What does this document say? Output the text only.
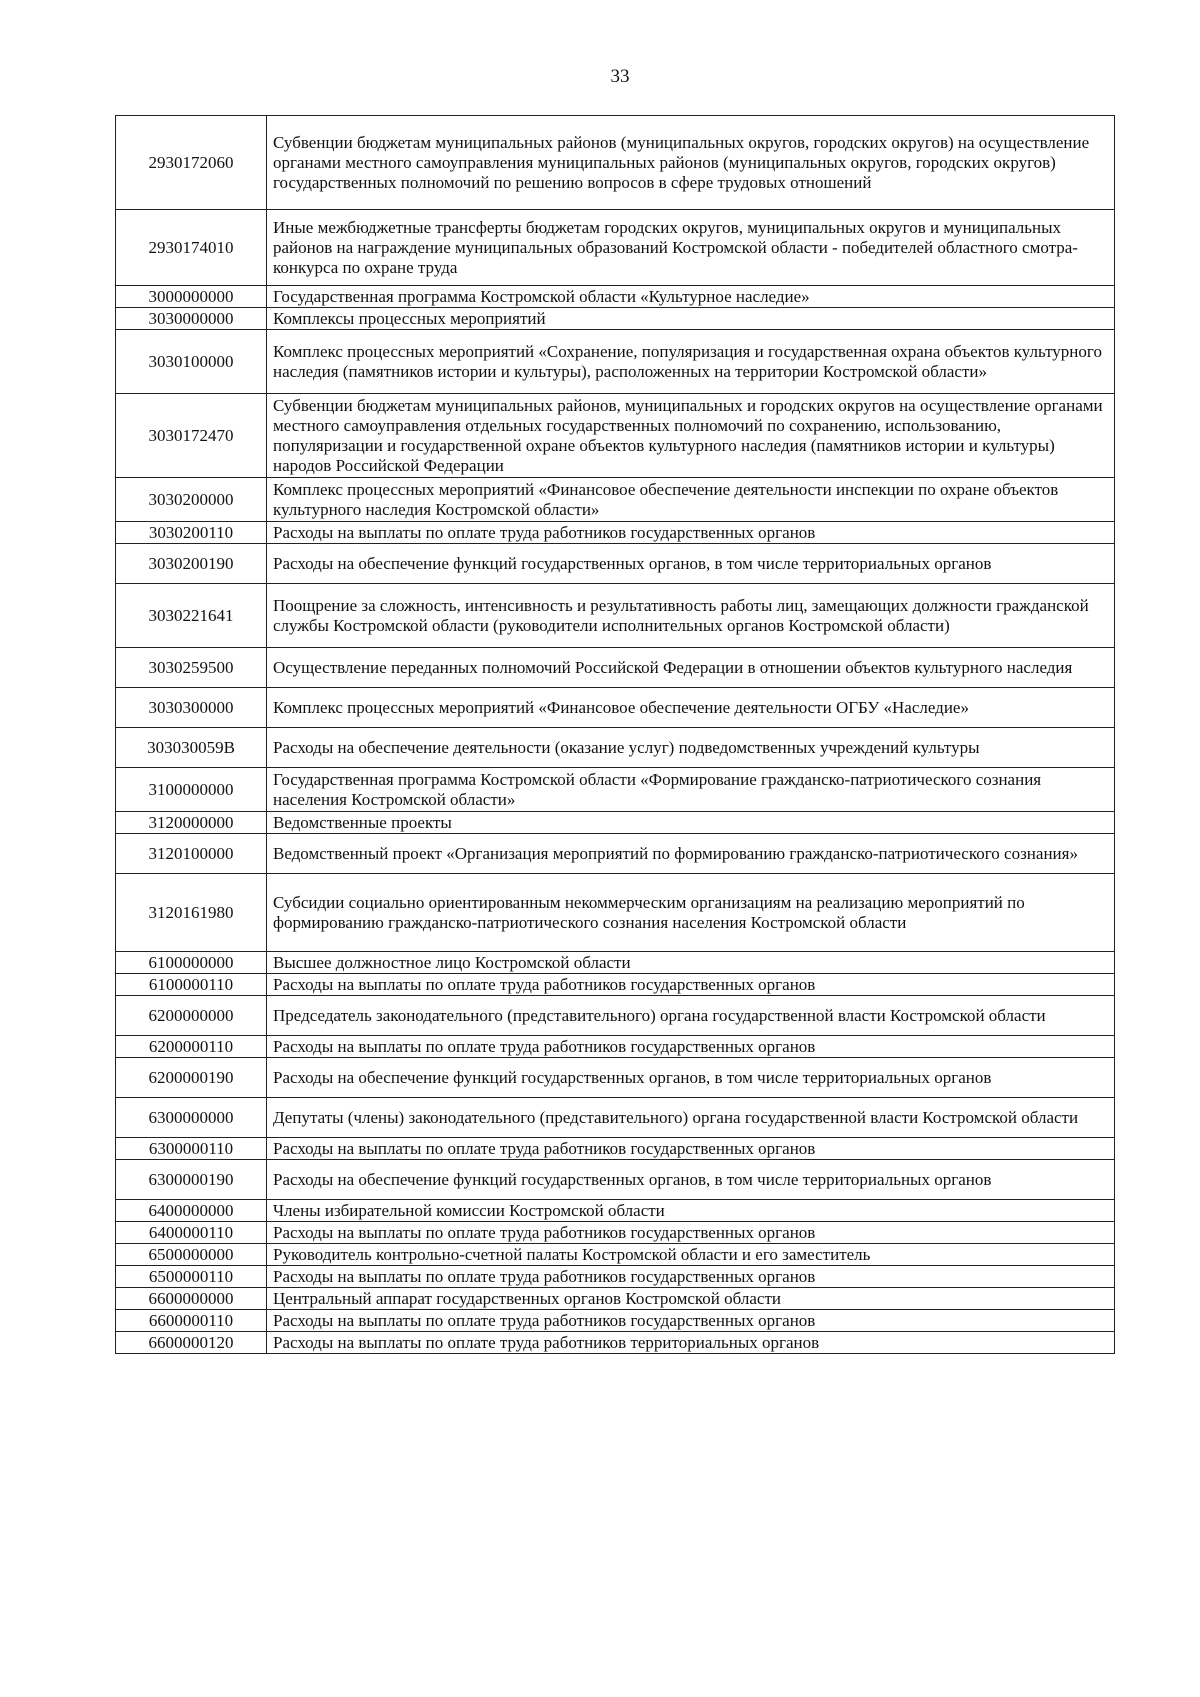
33
2930172060	Субвенции бюджетам муниципальных районов (муниципальных округов, городских округов) на осуществление органами местного самоуправления муниципальных районов (муниципальных округов, городских округов) государственных полномочий по решению вопросов в сфере трудовых отношений
2930174010	Иные межбюджетные трансферты бюджетам городских округов, муниципальных округов и муниципальных районов на награждение муниципальных образований Костромской области - победителей областного смотра-конкурса по охране труда
3000000000	Государственная программа Костромской области «Культурное наследие»
3030000000	Комплексы процессных мероприятий
3030100000	Комплекс процессных мероприятий «Сохранение, популяризация и государственная охрана объектов культурного наследия (памятников истории и культуры), расположенных на территории Костромской области»
3030172470	Субвенции бюджетам муниципальных районов, муниципальных и городских округов на осуществление органами местного самоуправления отдельных государственных полномочий по сохранению, использованию, популяризации и государственной охране объектов культурного наследия (памятников истории и культуры) народов Российской Федерации
3030200000	Комплекс процессных мероприятий «Финансовое обеспечение деятельности инспекции по охране объектов культурного наследия Костромской области»
3030200110	Расходы на выплаты по оплате труда работников государственных органов
3030200190	Расходы на обеспечение функций государственных органов, в том числе территориальных органов
3030221641	Поощрение за сложность, интенсивность и результативность работы лиц, замещающих должности гражданской службы Костромской области (руководители исполнительных органов Костромской области)
3030259500	Осуществление переданных полномочий Российской Федерации в отношении объектов культурного наследия
3030300000	Комплекс процессных мероприятий «Финансовое обеспечение деятельности ОГБУ «Наследие»
303030059В	Расходы на обеспечение деятельности (оказание услуг) подведомственных учреждений культуры
3100000000	Государственная программа Костромской области «Формирование гражданско-патриотического сознания населения Костромской области»
3120000000	Ведомственные проекты
3120100000	Ведомственный проект «Организация мероприятий по формированию гражданско-патриотического сознания»
3120161980	Субсидии социально ориентированным некоммерческим организациям на реализацию мероприятий по формированию гражданско-патриотического сознания населения Костромской области
6100000000	Высшее должностное лицо Костромской области
6100000110	Расходы на выплаты по оплате труда работников государственных органов
6200000000	Председатель законодательного (представительного) органа государственной власти Костромской области
6200000110	Расходы на выплаты по оплате труда работников государственных органов
6200000190	Расходы на обеспечение функций государственных органов, в том числе территориальных органов
6300000000	Депутаты (члены) законодательного (представительного) органа государственной власти Костромской области
6300000110	Расходы на выплаты по оплате труда работников государственных органов
6300000190	Расходы на обеспечение функций государственных органов, в том числе территориальных органов
6400000000	Члены избирательной комиссии Костромской области
6400000110	Расходы на выплаты по оплате труда работников государственных органов
6500000000	Руководитель контрольно-счетной палаты Костромской области и его заместитель
6500000110	Расходы на выплаты по оплате труда работников государственных органов
6600000000	Центральный аппарат государственных органов Костромской области
6600000110	Расходы на выплаты по оплате труда работников государственных органов
6600000120	Расходы на выплаты по оплате труда работников территориальных органов
